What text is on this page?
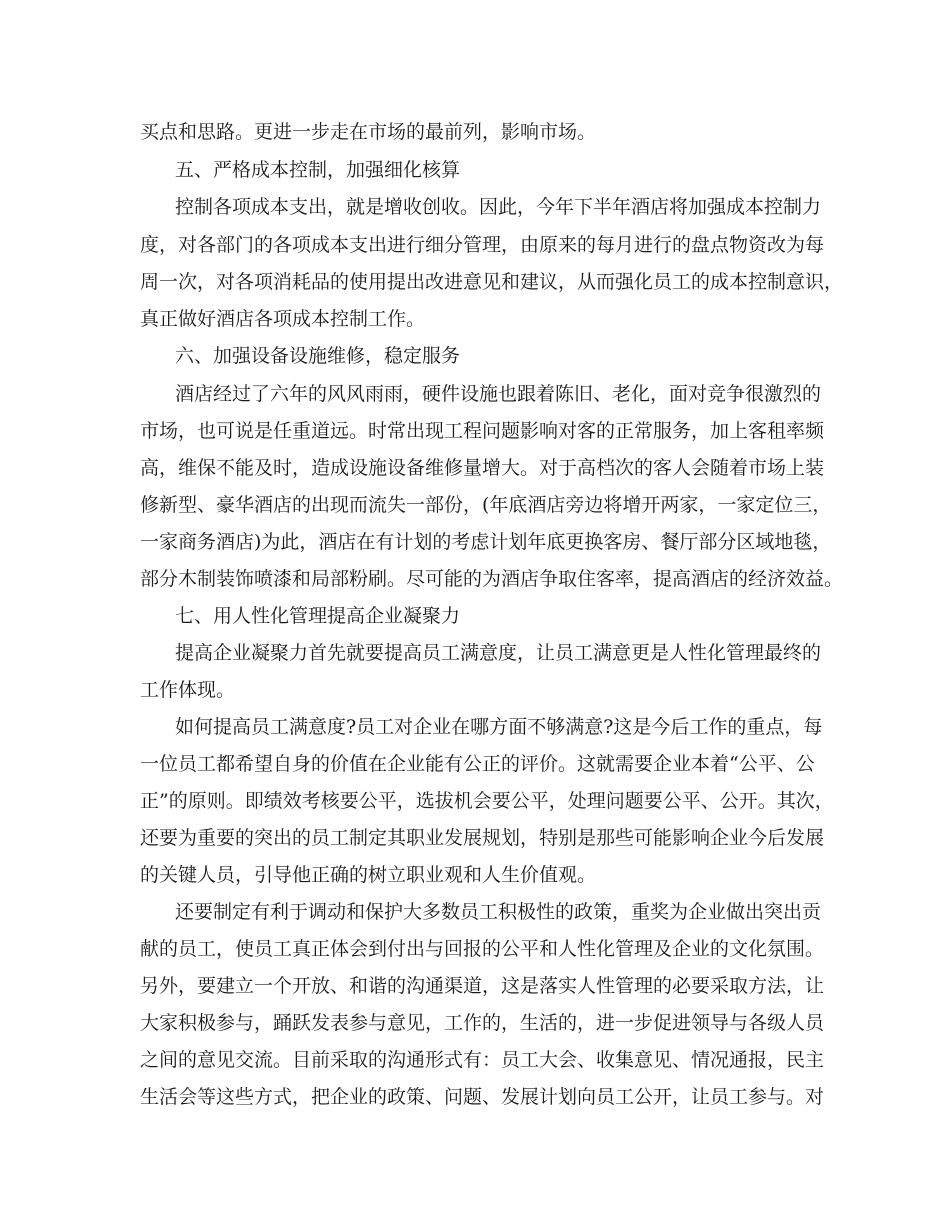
买点和思路。更进一步走在市场的最前列，影响市场。
五、严格成本控制，加强细化核算
控制各项成本支出，就是增收创收。因此，今年下半年酒店将加强成本控制力
度，对各部门的各项成本支出进行细分管理，由原来的每月进行的盘点物资改为每
周一次，对各项消耗品的使用提出改进意见和建议，从而强化员工的成本控制意识，
真正做好酒店各项成本控制工作。
六、加强设备设施维修，稳定服务
酒店经过了六年的风风雨雨，硬件设施也跟着陈旧、老化，面对竞争很激烈的
市场，也可说是任重道远。时常出现工程问题影响对客的正常服务，加上客租率频
高，维保不能及时，造成设施设备维修量增大。对于高档次的客人会随着市场上装
修新型、豪华酒店的出现而流失一部份，(年底酒店旁边将增开两家，一家定位三，
一家商务酒店)为此，酒店在有计划的考虑计划年底更换客房、餐厅部分区域地毯，
部分木制装饰喷漆和局部粉刷。尽可能的为酒店争取住客率，提高酒店的经济效益。
七、用人性化管理提高企业凝聚力
提高企业凝聚力首先就要提高员工满意度，让员工满意更是人性化管理最终的
工作体现。
如何提高员工满意度?员工对企业在哪方面不够满意?这是今后工作的重点，每
一位员工都希望自身的价值在企业能有公正的评价。这就需要企业本着“公平、公
正”的原则。即绩效考核要公平，选拔机会要公平，处理问题要公平、公开。其次，
还要为重要的突出的员工制定其职业发展规划，特别是那些可能影响企业今后发展
的关键人员，引导他正确的树立职业观和人生价值观。
还要制定有利于调动和保护大多数员工积极性的政策，重奖为企业做出突出贡
献的员工，使员工真正体会到付出与回报的公平和人性化管理及企业的文化氛围。
另外，要建立一个开放、和谐的沟通渠道，这是落实人性管理的必要采取方法，让
大家积极参与，踊跃发表参与意见，工作的，生活的，进一步促进领导与各级人员
之间的意见交流。目前采取的沟通形式有：员工大会、收集意见、情况通报，民主
生活会等这些方式，把企业的政策、问题、发展计划向员工公开，让员工参与。对
